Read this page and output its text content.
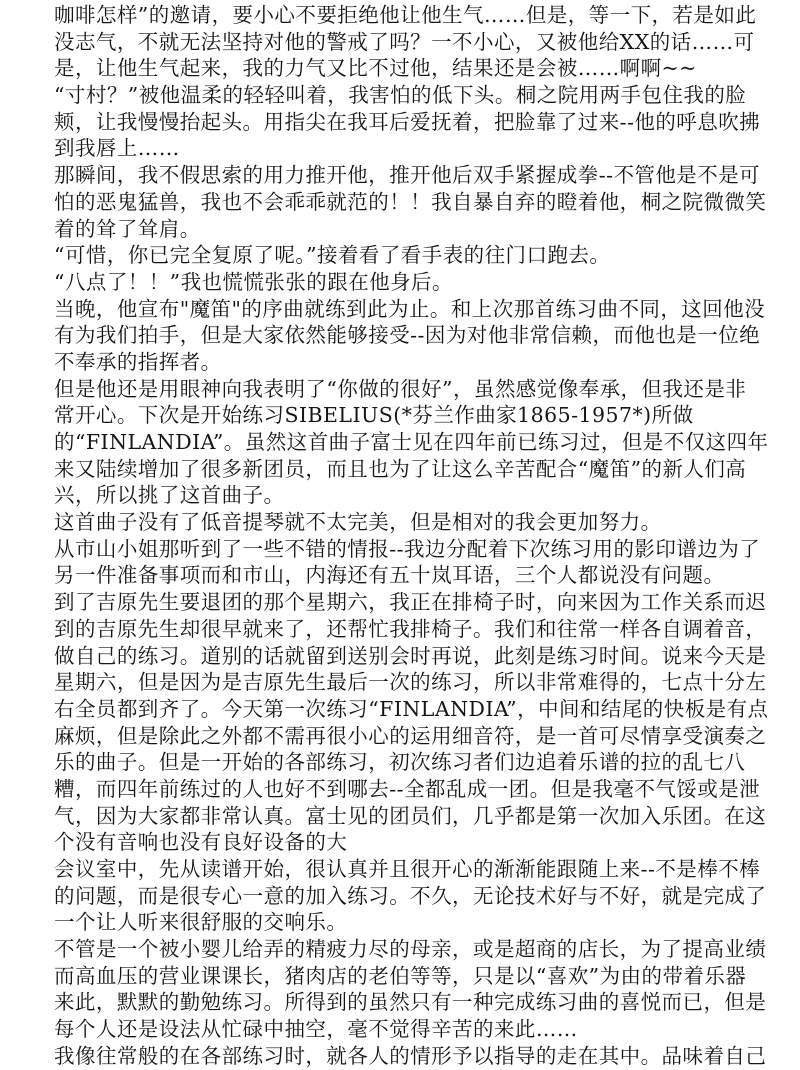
咖啡怎样”的邀请，要小心不要拒绝他让他生气……但是，等一下，若是如此
没志气，不就无法坚持对他的警戒了吗？一不小心，又被他给XX的话……可
是，让他生气起来，我的力气又比不过他，结果还是会被……啊啊~~
“寸村？”被他温柔的轻轻叫着，我害怕的低下头。桐之院用两手包住我的脸
颊，让我慢慢抬起头。用指尖在我耳后爱抚着，把脸靠了过来--他的呼息吹拂
到我唇上……
那瞬间，我不假思索的用力推开他，推开他后双手紧握成拳--不管他是不是可
怕的恶鬼猛兽，我也不会乖乖就范的！！我自暴自弃的瞪着他，桐之院微微笑
着的耸了耸肩。
“可惜，你已完全复原了呢。”接着看了看手表的往门口跑去。
“八点了！！”我也慌慌张张的跟在他身后。
当晚，他宣布"魔笛"的序曲就练到此为止。和上次那首练习曲不同，这回他没
有为我们拍手，但是大家依然能够接受--因为对他非常信赖，而他也是一位绝
不奉承的指挥者。
但是他还是用眼神向我表明了“你做的很好”，虽然感觉像奉承，但我还是非
常开心。下次是开始练习SIBELIUS(*芬兰作曲家1865-1957*)所做
的“FINLANDIA”。虽然这首曲子富士见在四年前已练习过，但是不仅这四年
来又陆续增加了很多新团员，而且也为了让这么辛苦配合“魔笛”的新人们高
兴，所以挑了这首曲子。
这首曲子没有了低音提琴就不太完美，但是相对的我会更加努力。
从市山小姐那听到了一些不错的情报--我边分配着下次练习用的影印谱边为了
另一件准备事项而和市山，内海还有五十岚耳语，三个人都说没有问题。
到了吉原先生要退团的那个星期六，我正在排椅子时，向来因为工作关系而迟
到的吉原先生却很早就来了，还帮忙我排椅子。我们和往常一样各自调着音，
做自己的练习。道别的话就留到送别会时再说，此刻是练习时间。说来今天是
星期六，但是因为是吉原先生最后一次的练习，所以非常难得的，七点十分左
右全员都到齐了。今天第一次练习“FINLANDIA”，中间和结尾的快板是有点
麻烦，但是除此之外都不需再很小心的运用细音符，是一首可尽情享受演奏之
乐的曲子。但是一开始的各部练习，初次练习者们边追着乐谱的拉的乱七八
糟，而四年前练过的人也好不到哪去--全都乱成一团。但是我毫不气馁或是泄
气，因为大家都非常认真。富士见的团员们，几乎都是第一次加入乐团。在这
个没有音响也没有良好设备的大
会议室中，先从读谱开始，很认真并且很开心的渐渐能跟随上来--不是棒不棒
的问题，而是很专心一意的加入练习。不久，无论技术好与不好，就是完成了
一个让人听来很舒服的交响乐。
不管是一个被小婴儿给弄的精疲力尽的母亲，或是超商的店长，为了提高业绩
而高血压的营业课课长，猪肉店的老伯等等，只是以“喜欢”为由的带着乐器
来此，默默的勤勉练习。所得到的虽然只有一种完成练习曲的喜悦而已，但是
每个人还是设法从忙碌中抽空，毫不觉得辛苦的来此……
我像往常般的在各部练习时，就各人的情形予以指导的走在其中。品味着自己
